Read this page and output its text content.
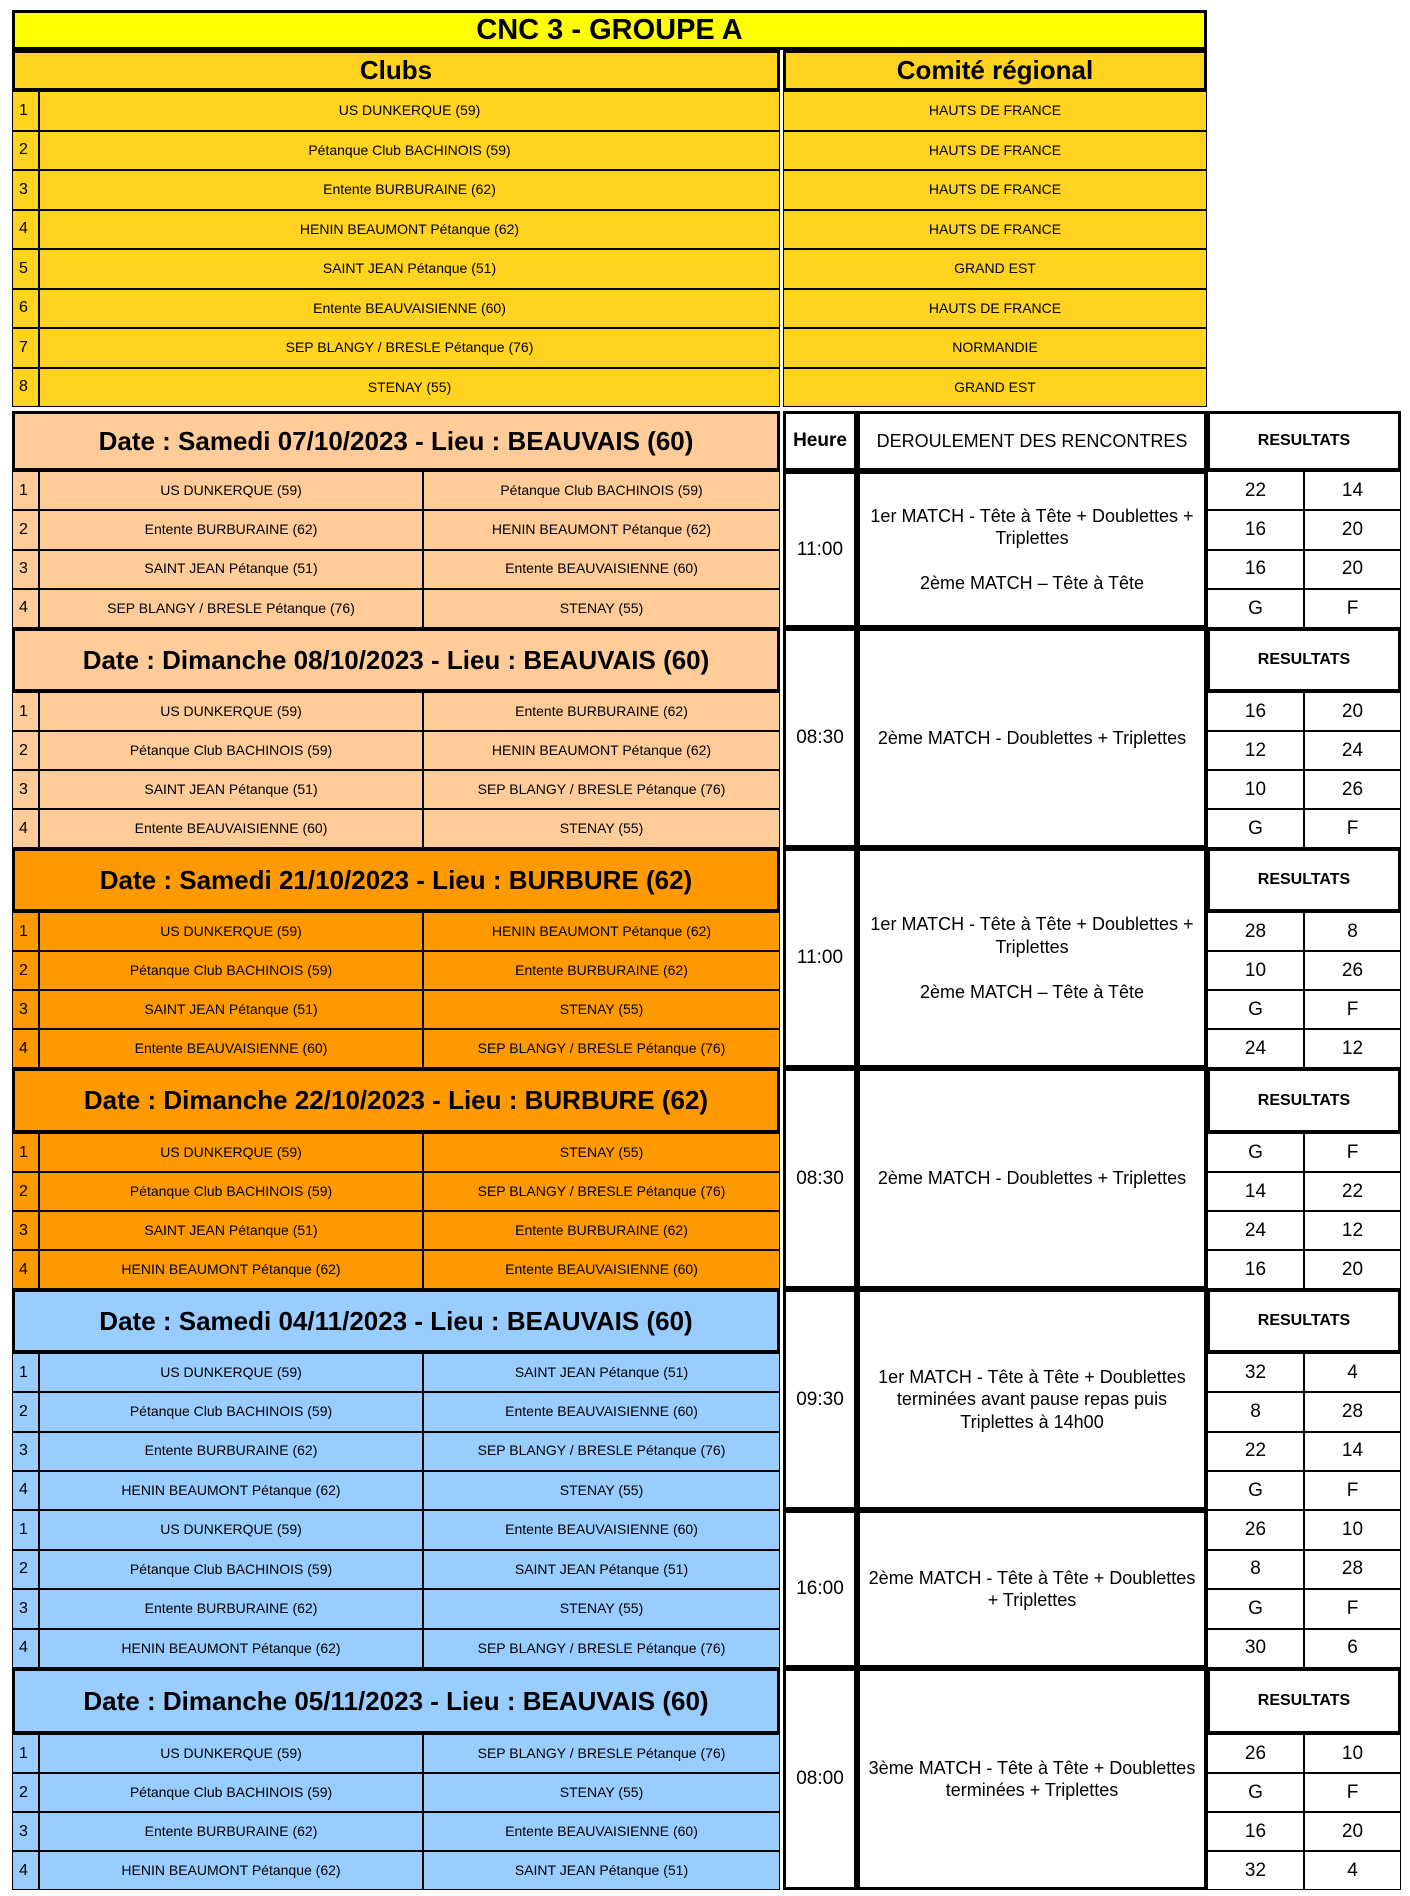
CNC 3 - GROUPE A
Clubs	Comité régional
1	US DUNKERQUE (59)	HAUTS DE FRANCE
2	Pétanque Club BACHINOIS (59)	HAUTS DE FRANCE
3	Entente BURBURAINE (62)	HAUTS DE FRANCE
4	HENIN BEAUMONT Pétanque (62)	HAUTS DE FRANCE
5	SAINT JEAN Pétanque (51)	GRAND EST
6	Entente BEAUVAISIENNE (60)	HAUTS DE FRANCE
7	SEP BLANGY / BRESLE Pétanque (76)	NORMANDIE
8	STENAY (55)	GRAND EST
Date : Samedi 07/10/2023 - Lieu : BEAUVAIS (60)	Heure	DEROULEMENT DES RENCONTRES	RESULTATS
11:00
1er MATCH - Tête à Tête + Doublettes + Triplettes

2ème MATCH – Tête à Tête
1	US DUNKERQUE (59)	Pétanque Club BACHINOIS (59)	22	14
2	Entente BURBURAINE (62)	HENIN BEAUMONT Pétanque (62)	16	20
3	SAINT JEAN Pétanque (51)	Entente BEAUVAISIENNE (60)	16	20
4	SEP BLANGY / BRESLE Pétanque (76)	STENAY (55)	G	F
Date : Dimanche 08/10/2023 - Lieu : BEAUVAIS (60)	RESULTATS
08:30	2ème MATCH - Doublettes + Triplettes
1	US DUNKERQUE (59)	Entente BURBURAINE (62)	16	20
2	Pétanque Club BACHINOIS (59)	HENIN BEAUMONT Pétanque (62)	12	24
3	SAINT JEAN Pétanque (51)	SEP BLANGY / BRESLE Pétanque (76)	10	26
4	Entente BEAUVAISIENNE (60)	STENAY (55)	G	F
Date : Samedi 21/10/2023 - Lieu : BURBURE (62)	RESULTATS
11:00
1er MATCH - Tête à Tête + Doublettes + Triplettes

2ème MATCH – Tête à Tête
1	US DUNKERQUE (59)	HENIN BEAUMONT Pétanque (62)	28	8
2	Pétanque Club BACHINOIS (59)	Entente BURBURAINE (62)	10	26
3	SAINT JEAN Pétanque (51)	STENAY (55)	G	F
4	Entente BEAUVAISIENNE (60)	SEP BLANGY / BRESLE Pétanque (76)	24	12
Date : Dimanche 22/10/2023 - Lieu : BURBURE (62)	RESULTATS
08:30	2ème MATCH - Doublettes + Triplettes
1	US DUNKERQUE (59)	STENAY (55)	G	F
2	Pétanque Club BACHINOIS (59)	SEP BLANGY / BRESLE Pétanque (76)	14	22
3	SAINT JEAN Pétanque (51)	Entente BURBURAINE (62)	24	12
4	HENIN BEAUMONT Pétanque (62)	Entente BEAUVAISIENNE (60)	16	20
Date : Samedi 04/11/2023 - Lieu : BEAUVAIS (60)	RESULTATS
09:30
1er MATCH - Tête à Tête + Doublettes terminées avant pause repas puis Triplettes à 14h00
1	US DUNKERQUE (59)	SAINT JEAN Pétanque (51)	32	4
2	Pétanque Club BACHINOIS (59)	Entente BEAUVAISIENNE (60)	8	28
3	Entente BURBURAINE (62)	SEP BLANGY / BRESLE Pétanque (76)	22	14
4	HENIN BEAUMONT Pétanque (62)	STENAY (55)	G	F
16:00
2ème MATCH - Tête à Tête + Doublettes + Triplettes
1	US DUNKERQUE (59)	Entente BEAUVAISIENNE (60)	26	10
2	Pétanque Club BACHINOIS (59)	SAINT JEAN Pétanque (51)	8	28
3	Entente BURBURAINE (62)	STENAY (55)	G	F
4	HENIN BEAUMONT Pétanque (62)	SEP BLANGY / BRESLE Pétanque (76)	30	6
Date : Dimanche 05/11/2023 - Lieu : BEAUVAIS (60)	RESULTATS
08:00
3ème MATCH - Tête à Tête + Doublettes terminées + Triplettes
1	US DUNKERQUE (59)	SEP BLANGY / BRESLE Pétanque (76)	26	10
2	Pétanque Club BACHINOIS (59)	STENAY (55)	G	F
3	Entente BURBURAINE (62)	Entente BEAUVAISIENNE (60)	16	20
4	HENIN BEAUMONT Pétanque (62)	SAINT JEAN Pétanque (51)	32	4
